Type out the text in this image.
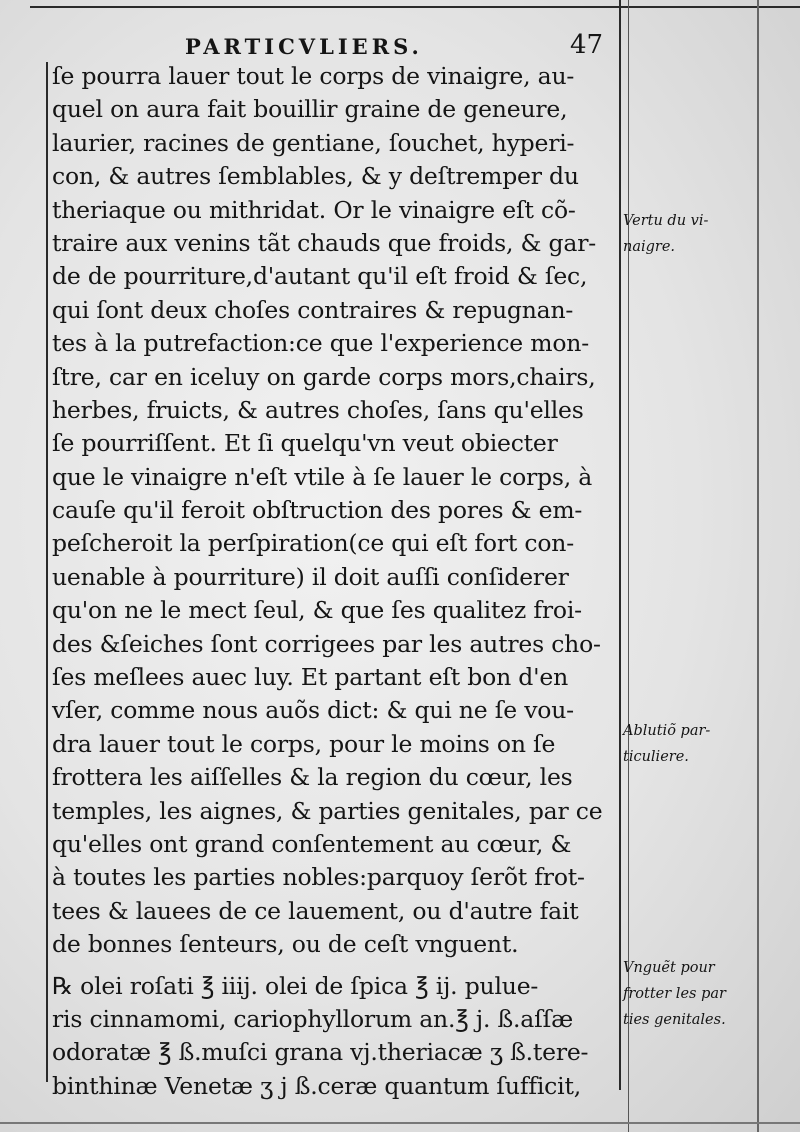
PARTICVLIERS.	47
ſe pourra lauer tout le corps de vinaigre, au-
quel on aura fait bouillir graine de geneure,
laurier, racines de gentiane, ſouchet, hyperi-
con, & autres ſemblables, & y deſtremper du
theriaque ou mithridat. Or le vinaigre eſt cõ-
traire aux venins tãt chauds que froids, & gar-
de de pourriture,d'autant qu'il eſt froid & ſec,
qui ſont deux choſes contraires & repugnan-
tes à la putrefaction:ce que l'experience mon-
ſtre, car en iceluy on garde corps mors,chairs,
herbes, fruicts, & autres choſes, ſans qu'elles
ſe pourriſſent. Et ſi quelqu'vn veut obiecter
que le vinaigre n'eſt vtile à ſe lauer le corps, à
cauſe qu'il feroit obſtruction des pores & em-
peſcheroit la perſpiration(ce qui eſt fort con-
uenable à pourriture) il doit auſſi conſiderer
qu'on ne le mect ſeul, & que ſes qualitez froi-
des &ſeiches ſont corrigees par les autres cho-
ſes meſlees auec luy. Et partant eſt bon d'en
vſer, comme nous auõs dict: & qui ne ſe vou-
dra lauer tout le corps, pour le moins on ſe
frottera les aiſſelles & la region du cœur, les
temples, les aignes, & parties genitales, par ce
qu'elles ont grand conſentement au cœur, &
à toutes les parties nobles:parquoy ſerõt frot-
tees & lauees de ce lauement, ou d'autre fait
de bonnes ſenteurs, ou de ceſt vnguent.
℞ olei roſati ℥ iiij. olei de ſpica ℥ ij. pulue-
ris cinnamomi, cariophyllorum an.℥ j. ß.aſſæ
odoratæ ℥ ß.muſci grana vj.theriacæ ʒ ß.tere-
binthinæ Venetæ ʒ j ß.ceræ quantum ſufficit,
Vertu du vi-
naigre.
Ablutiõ par-
ticuliere.
Vnguẽt pour
frotter les par
ties genitales.
